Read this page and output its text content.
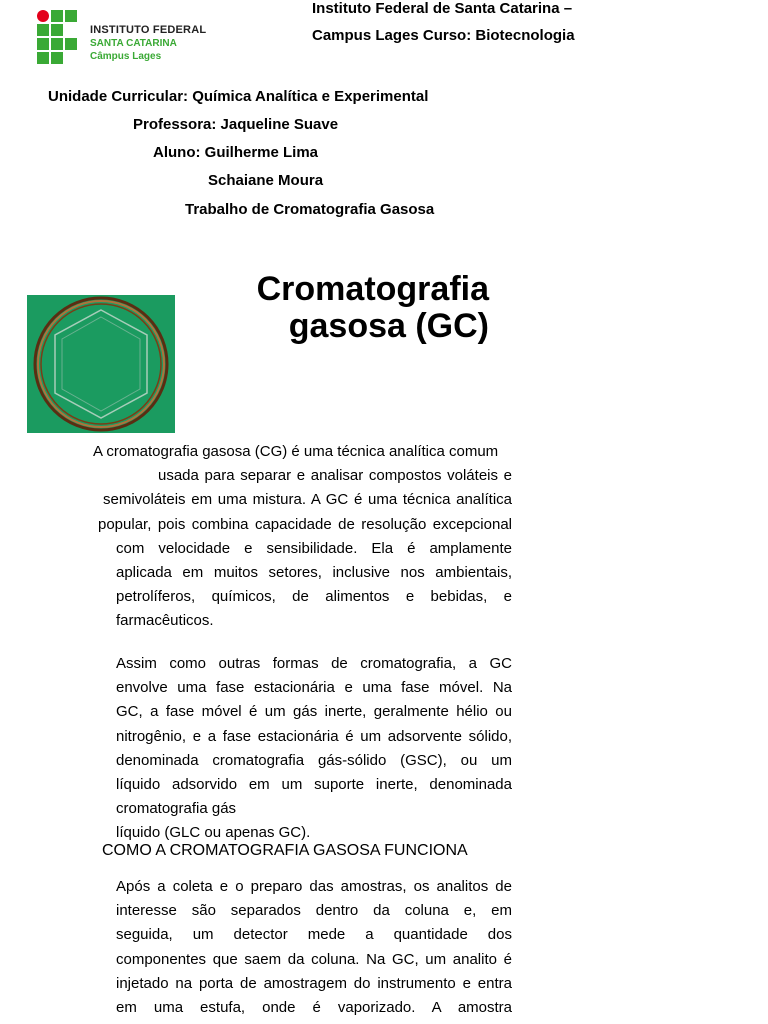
INSTITUTO FEDERAL
SANTA CATARINA
Câmpus Lages
Instituto Federal de Santa Catarina –
Campus Lages Curso: Biotecnologia
Unidade Curricular: Química Analítica e Experimental
Professora: Jaqueline Suave
Aluno: Guilherme Lima
Schaiane Moura
Trabalho de Cromatografia Gasosa
Cromatografia
gasosa (GC)

A cromatografia gasosa (CG) é uma técnica analítica comum

usada para separar e analisar compostos voláteis e

semivoláteis em uma mistura. A GC é uma técnica analítica

popular, pois combina capacidade de resolução excepcional

com velocidade e sensibilidade. Ela é amplamente

aplicada em muitos setores, inclusive nos ambientais,

petrolíferos, químicos, de alimentos e bebidas, e

farmacêuticos.

Assim como outras formas de cromatografia, a GC

envolve uma fase estacionária e uma fase móvel. Na

GC, a fase móvel é um gás inerte, geralmente hélio ou

nitrogênio, e a fase estacionária é um adsorvente sólido,

denominada cromatografia gás-sólido (GSC), ou um

líquido adsorvido em um suporte inerte, denominada

cromatografia gás

líquido (GLC ou apenas GC).

COMO A CROMATOGRAFIA GASOSA FUNCIONA

Após a coleta e o preparo das amostras, os analitos de

interesse são separados dentro da coluna e, em

seguida, um detector mede a quantidade dos

componentes que saem da coluna. Na GC, um analito é

injetado na porta de amostragem do instrumento e entra

em uma estufa, onde é vaporizado. A amostra
